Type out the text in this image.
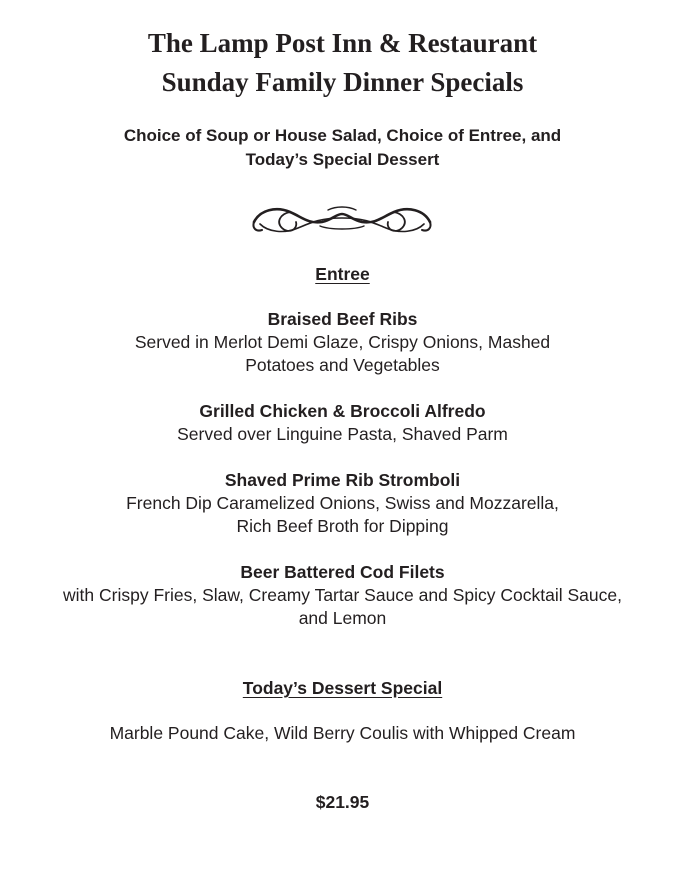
The Lamp Post Inn & Restaurant
Sunday Family Dinner Specials
Choice of Soup or House Salad, Choice of Entree, and
Today’s Special Dessert
Entree
Braised Beef Ribs
Served in Merlot Demi Glaze, Crispy Onions, Mashed
Potatoes and Vegetables
Grilled Chicken & Broccoli Alfredo
Served over Linguine Pasta, Shaved Parm
Shaved Prime Rib Stromboli
French Dip Caramelized Onions, Swiss and Mozzarella,
Rich Beef Broth for Dipping
Beer Battered Cod Filets
with Crispy Fries, Slaw, Creamy Tartar Sauce and Spicy Cocktail Sauce,
and Lemon
Today’s Dessert Special
Marble Pound Cake, Wild Berry Coulis with Whipped Cream
$21.95
